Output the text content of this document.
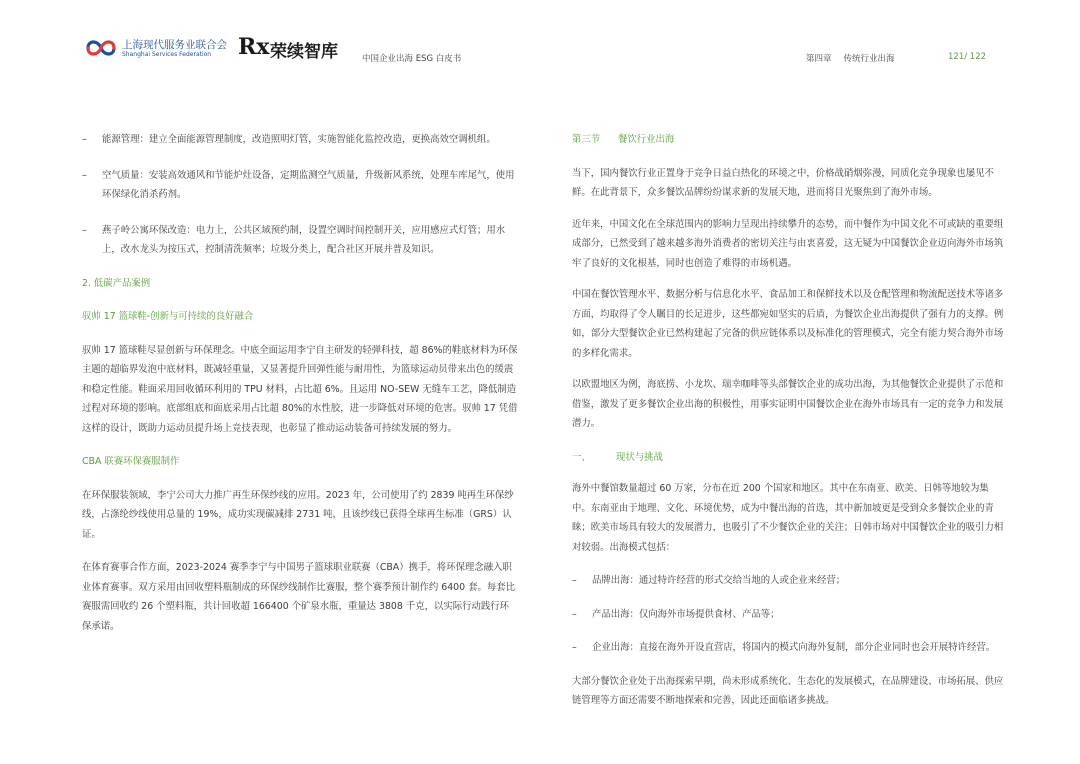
上海现代服务业联合会
Shanghai Services Federation Rx 荣续智库	中国企业出海 ESG 白皮书	第四章 传统行业出海	121/ 122

– 能源管理：建立全面能源管理制度，改造照明灯管，实施智能化监控改造，更换高效空调机组。

– 空气质量：安装高效通风和节能炉灶设备，定期监测空气质量，升级新风系统，处理车库尾气，使用环保绿化消杀药剂。

– 燕子岭公寓环保改造：电力上，公共区域预约制，设置空调时间控制开关，应用感应式灯管；用水上，改水龙头为按压式，控制清洗频率；垃圾分类上，配合社区开展并普及知识。

2. 低碳产品案例

驭帅 17 篮球鞋-创新与可持续的良好融合

驭帅 17 篮球鞋尽显创新与环保理念。中底全面运用李宁自主研发的轻弹科技，超 86%的鞋底材料为环保主题的超临界发泡中底材料，既减轻重量，又显著提升回弹性能与耐用性，为篮球运动员带来出色的缓震和稳定性能。鞋面采用回收循环利用的 TPU 材料，占比超 6%。且运用 NO-SEW 无缝车工艺，降低制造过程对环境的影响。底部组底和面底采用占比超 80%的水性胶，进一步降低对环境的危害。驭帅 17 凭借这样的设计，既助力运动员提升场上竞技表现，也彰显了推动运动装备可持续发展的努力。

CBA 联赛环保赛服制作

在环保服装领域，李宁公司大力推广再生环保纱线的应用。2023 年，公司使用了约 2839 吨再生环保纱线，占涤纶纱线使用总量的 19%，成功实现碳减排 2731 吨，且该纱线已获得全球再生标准（GRS）认证。

在体育赛事合作方面，2023-2024 赛季李宁与中国男子篮球职业联赛（CBA）携手，将环保理念融入职业体育赛事。双方采用由回收塑料瓶制成的环保纱线制作比赛服，整个赛季预计制作约 6400 套。每套比赛服需回收约 26 个塑料瓶，共计回收超 166400 个矿泉水瓶，重量达 3808 千克，以实际行动践行环保承诺。

第三节 餐饮行业出海

当下，国内餐饮行业正置身于竞争日益白热化的环境之中，价格战硝烟弥漫，同质化竞争现象也屡见不鲜。在此背景下，众多餐饮品牌纷纷谋求新的发展天地，进而将目光聚焦到了海外市场。

近年来，中国文化在全球范围内的影响力呈现出持续攀升的态势，而中餐作为中国文化不可或缺的重要组成部分，已然受到了越来越多海外消费者的密切关注与由衷喜爱，这无疑为中国餐饮企业迈向海外市场筑牢了良好的文化根基，同时也创造了难得的市场机遇。

中国在餐饮管理水平、数据分析与信息化水平、食品加工和保鲜技术以及仓配管理和物流配送技术等诸多方面，均取得了令人瞩目的长足进步，这些都宛如坚实的后盾，为餐饮企业出海提供了强有力的支撑。例如，部分大型餐饮企业已然构建起了完备的供应链体系以及标准化的管理模式，完全有能力契合海外市场的多样化需求。

以欧盟地区为例，海底捞、小龙坎、瑞幸咖啡等头部餐饮企业的成功出海，为其他餐饮企业提供了示范和借鉴，激发了更多餐饮企业出海的积极性，用事实证明中国餐饮企业在海外市场具有一定的竞争力和发展潜力。

一、	现状与挑战

海外中餐馆数量超过 60 万家，分布在近 200 个国家和地区。其中在东南亚、欧美、日韩等地较为集中。东南亚由于地理、文化、环境优势，成为中餐出海的首选，其中新加坡更是受到众多餐饮企业的青睐；欧美市场具有较大的发展潜力，也吸引了不少餐饮企业的关注；日韩市场对中国餐饮企业的吸引力相对较弱。出海模式包括：

– 品牌出海：通过特许经营的形式交给当地的人或企业来经营；

– 产品出海：仅向海外市场提供食材、产品等；

– 企业出海：直接在海外开设直营店，将国内的模式向海外复制，部分企业同时也会开展特许经营。

大部分餐饮企业处于出海探索早期，尚未形成系统化、生态化的发展模式，在品牌建设、市场拓展、供应链管理等方面还需要不断地探索和完善，因此还面临诸多挑战。
